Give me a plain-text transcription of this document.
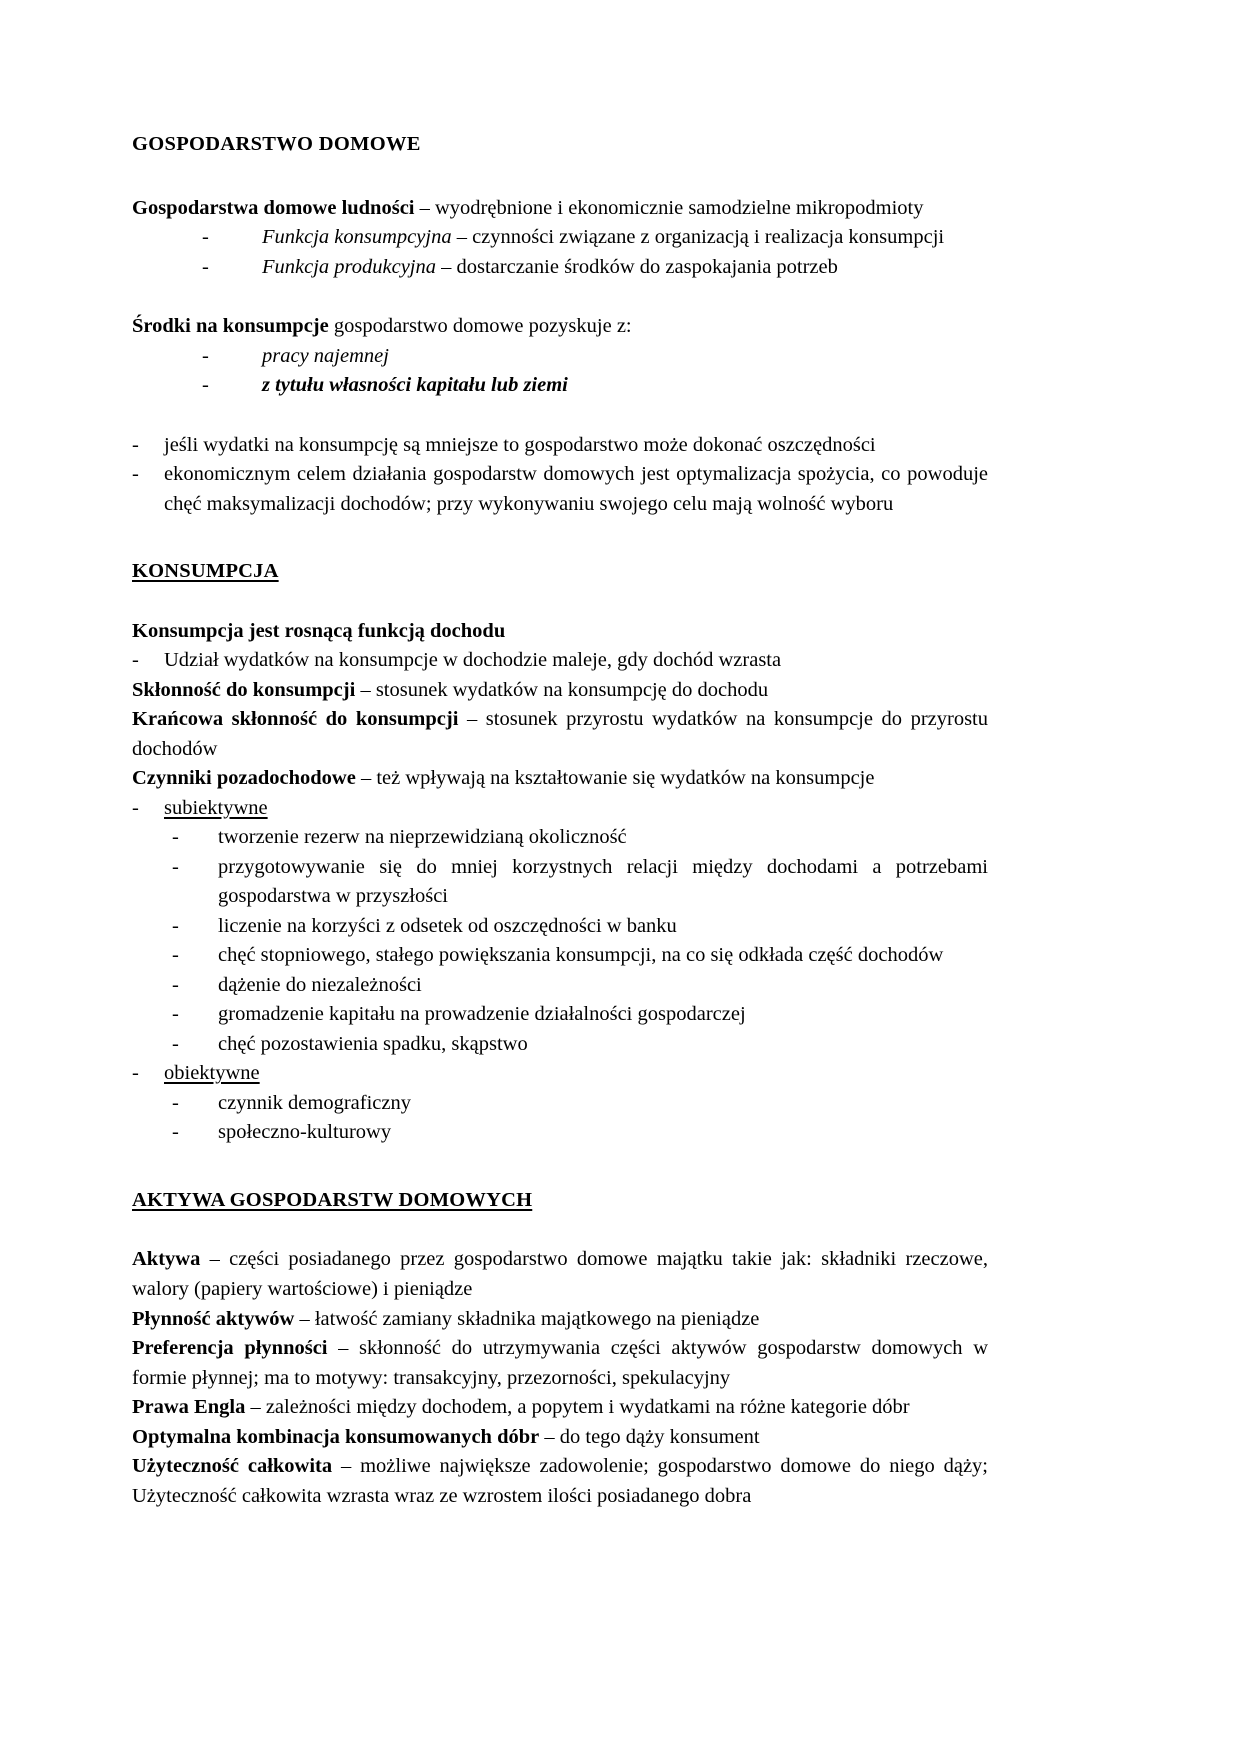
GOSPODARSTWO DOMOWE

Gospodarstwa domowe ludności – wyodrębnione i ekonomicznie samodzielne mikropodmioty

-	Funkcja konsumpcyjna – czynności związane z organizacją i realizacja konsumpcji
-	Funkcja produkcyjna – dostarczanie środków do zaspokajania potrzeb

Środki na konsumpcje gospodarstwo domowe pozyskuje z:

-	pracy najemnej
-	z tytułu własności kapitału lub ziemi
- jeśli wydatki na konsumpcję są mniejsze to gospodarstwo może dokonać oszczędności
- ekonomicznym celem działania gospodarstw domowych jest optymalizacja spożycia, co powoduje chęć maksymalizacji dochodów; przy wykonywaniu swojego celu mają wolność wyboru
KONSUMPCJA

Konsumpcja jest rosnącą funkcją dochodu

- Udział wydatków na konsumpcje w dochodzie maleje, gdy dochód wzrasta

Skłonność do konsumpcji – stosunek wydatków na konsumpcję do dochodu

Krańcowa skłonność do konsumpcji – stosunek przyrostu wydatków na konsumpcje do przyrostu dochodów

Czynniki pozadochodowe – też wpływają na kształtowanie się wydatków na konsumpcje

- subiektywne
- tworzenie rezerw na nieprzewidzianą okoliczność
- przygotowywanie się do mniej korzystnych relacji między dochodami a potrzebami gospodarstwa w przyszłości
- liczenie na korzyści z odsetek od oszczędności w banku
- chęć stopniowego, stałego powiększania konsumpcji, na co się odkłada część dochodów
- dążenie do niezależności
- gromadzenie kapitału na prowadzenie działalności gospodarczej
- chęć pozostawienia spadku, skąpstwo
- obiektywne
- czynnik demograficzny
- społeczno-kulturowy
AKTYWA GOSPODARSTW DOMOWYCH

Aktywa – części posiadanego przez gospodarstwo domowe majątku takie jak: składniki rzeczowe, walory (papiery wartościowe) i pieniądze

Płynność aktywów – łatwość zamiany składnika majątkowego na pieniądze

Preferencja płynności – skłonność do utrzymywania części aktywów gospodarstw domowych w formie płynnej; ma to motywy: transakcyjny, przezorności, spekulacyjny

Prawa Engla – zależności między dochodem, a popytem i wydatkami na różne kategorie dóbr

Optymalna kombinacja konsumowanych dóbr – do tego dąży konsument

Użyteczność całkowita – możliwe największe zadowolenie; gospodarstwo domowe do niego dąży; Użyteczność całkowita wzrasta wraz ze wzrostem ilości posiadanego dobra
